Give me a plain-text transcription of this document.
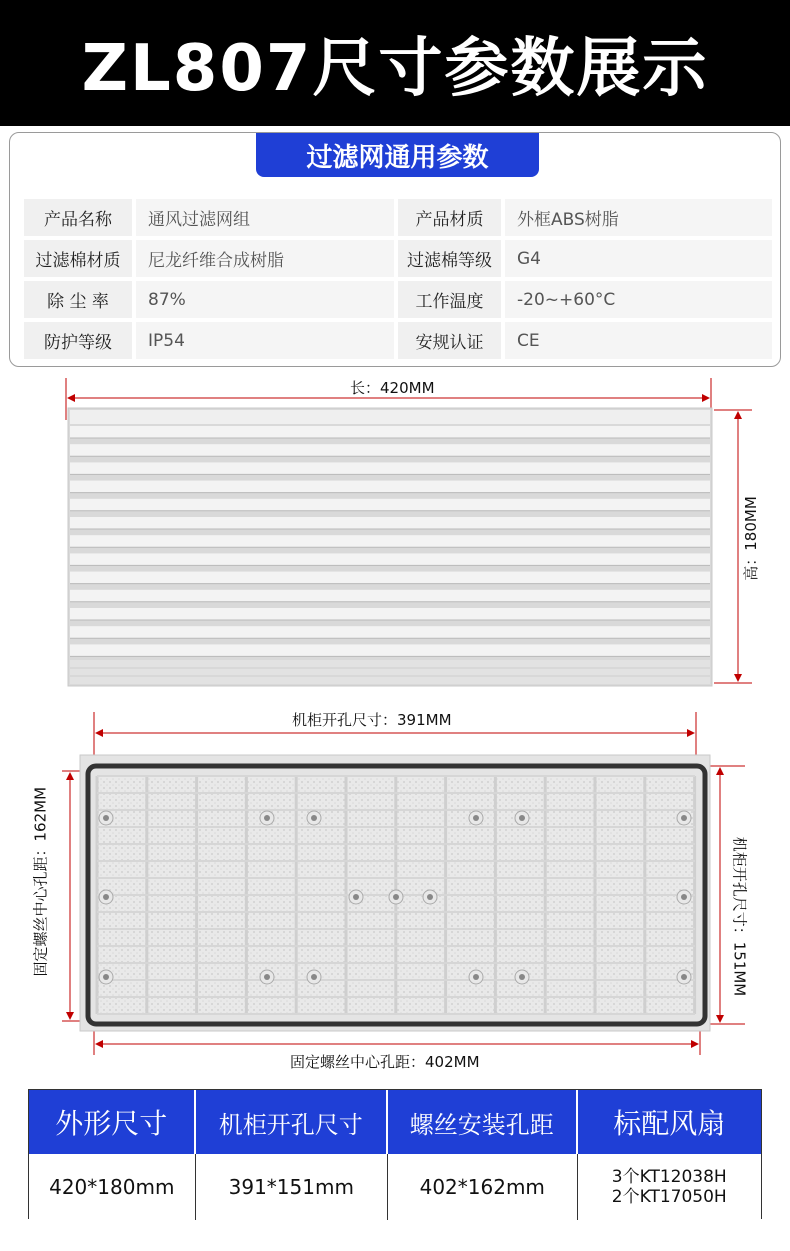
ZL807尺寸参数展示
过滤网通用参数
产品名称	通风过滤网组	产品材质	外框ABS树脂
过滤棉材质	尼龙纤维合成树脂	过滤棉等级	G4
除 尘 率	87%	工作温度	-20~+60°C
防护等级	IP54	安规认证	CE
长：420MM
高：180MM
机柜开孔尺寸：391MM
固定螺丝中心孔距：402MM
固定螺丝中心孔距：162MM	机柜开孔尺寸：151MM
外形尺寸	机柜开孔尺寸	螺丝安装孔距	标配风扇
420*180mm	391*151mm	402*162mm	3个KT12038H
2个KT17050H
